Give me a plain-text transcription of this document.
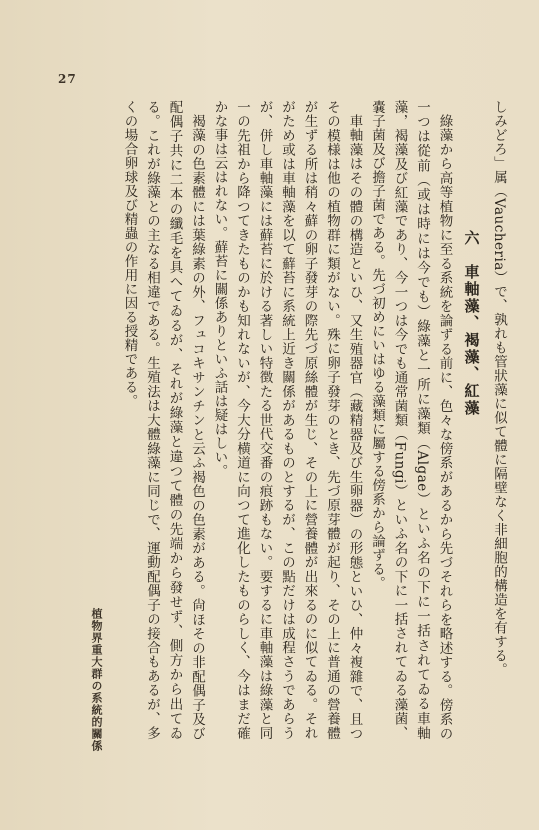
27

しみどろ」属（Vaucheria）で、孰れも管狀藻に似て體に隔壁なく非細胞的構造を有する。

六　車軸藻、褐藻、紅藻

綠藻から高等植物に至る系統を論ずる前に、色々な傍系があるから先づそれらを略述する。傍系の一つは從前（或は時には今でも）綠藻と一所に藻類（Algae）といふ名の下に一括されてゐる車軸藻，褐藻及び紅藻であり、今一つは今でも通常菌類（Fungi）といふ名の下に一括されてゐる藻菌、嚢子菌及び擔子菌である。先づ初めにいはゆる藻類に屬する傍系から論ずる。

車軸藻はその體の構造といひ、又生殖器官（藏精器及び生卵器）の形態といひ、仲々複雜で、且つその模様は他の植物群に類がない。殊に卵子發芽のとき、先づ原芽體が起り、その上に普通の營養體が生ずる所は稍々蘚の卵子發芽の際先づ原絲體が生じ、その上に營養體が出來るのに似てゐる。それがため或は車軸藻を以て蘚苔に系統上近き關係があるものとするが、この點だけは成程さうであらうが、併し車軸藻には蘚苔に於ける著しい特徴たる世代交番の痕跡もない。要するに車軸藻は綠藻と同一の先祖から降つてきたものかも知れないが、今大分横道に向つて進化したものらしく、今はまだ確かな事は云はれない。蘚苔に關係ありといふ話は疑はしい。

褐藻の色素體には葉綠素の外、フュコキサンチンと云ふ褐色の色素がある。尙ほその非配偶子及び配偶子共に二本の纖毛を具へてゐるが、それが綠藻と違つて體の先端から發せず、側方から出てゐる。これが綠藻との主なる相違である。生殖法は大體綠藻に同じで、運動配偶子の接合もあるが、多くの場合卵球及び精蟲の作用に因る授精である。

植物界重大群の系統的關係
